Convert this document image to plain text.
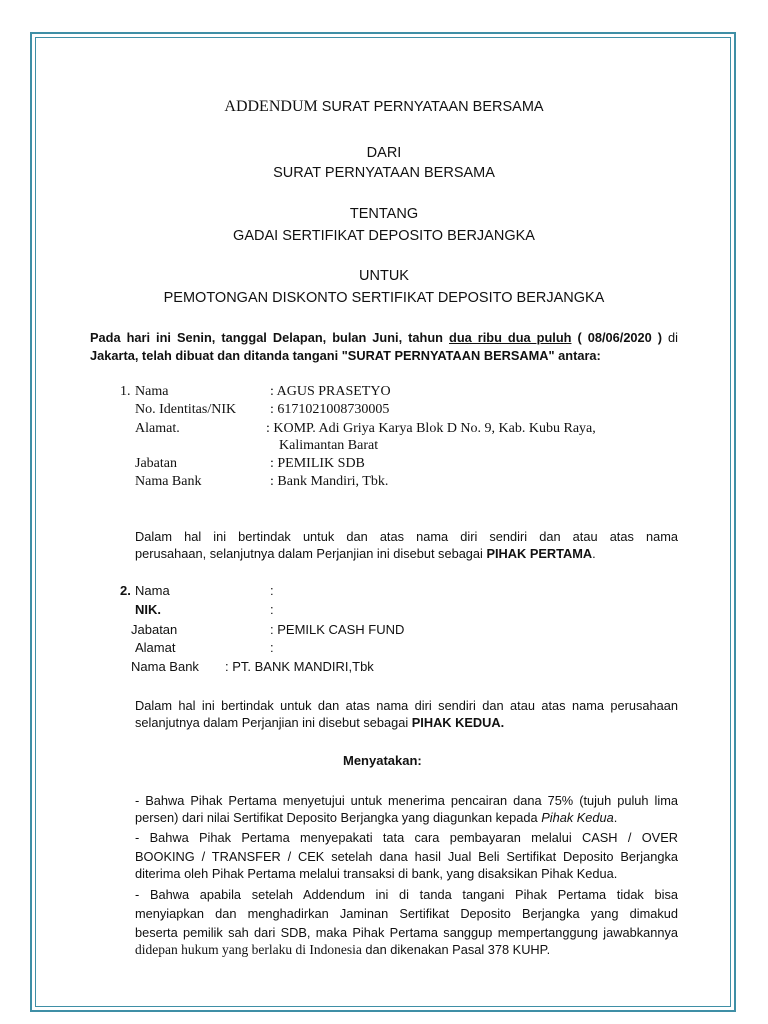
ADDENDUM SURAT PERNYATAAN BERSAMA
DARI
SURAT PERNYATAAN BERSAMA
TENTANG
GADAI SERTIFIKAT DEPOSITO BERJANGKA
UNTUK
PEMOTONGAN DISKONTO SERTIFIKAT DEPOSITO BERJANGKA
Pada hari ini Senin, tanggal Delapan, bulan Juni, tahun dua ribu dua puluh ( 08/06/2020 ) di
Jakarta, telah dibuat dan ditanda tangani "SURAT PERNYATAAN BERSAMA" antara:
1. Nama	: AGUS PRASETYO
No. Identitas/NIK : 6171021008730005
Alamat.	: KOMP. Adi Griya Karya Blok D No. 9, Kab. Kubu Raya,
Kalimantan Barat
Jabatan	: PEMILIK SDB
Nama Bank	: Bank Mandiri, Tbk.
Dalam hal ini bertindak untuk dan atas nama diri sendiri dan atau atas nama
perusahaan, selanjutnya dalam Perjanjian ini disebut sebagai PIHAK PERTAMA.
2. Nama	:
NIK.	:
Jabatan	: PEMILK CASH FUND
Alamat	:
Nama Bank : PT. BANK MANDIRI,Tbk
Dalam hal ini bertindak untuk dan atas nama diri sendiri dan atau atas nama perusahaan
selanjutnya dalam Perjanjian ini disebut sebagai PIHAK KEDUA.
Menyatakan:
- Bahwa Pihak Pertama menyetujui untuk menerima pencairan dana 75% (tujuh puluh lima
persen) dari nilai Sertifikat Deposito Berjangka yang diagunkan kepada Pihak Kedua.
- Bahwa Pihak Pertama menyepakati tata cara pembayaran melalui CASH / OVER
BOOKING / TRANSFER / CEK setelah dana hasil Jual Beli Sertifikat Deposito Berjangka
diterima oleh Pihak Pertama melalui transaksi di bank, yang disaksikan Pihak Kedua.
- Bahwa apabila setelah Addendum ini di tanda tangani Pihak Pertama tidak bisa
menyiapkan dan menghadirkan Jaminan Sertifikat Deposito Berjangka yang dimakud
beserta pemilik sah dari SDB, maka Pihak Pertama sanggup mempertanggung jawabkannya
didepan hukum yang berlaku di Indonesia dan dikenakan Pasal 378 KUHP.
